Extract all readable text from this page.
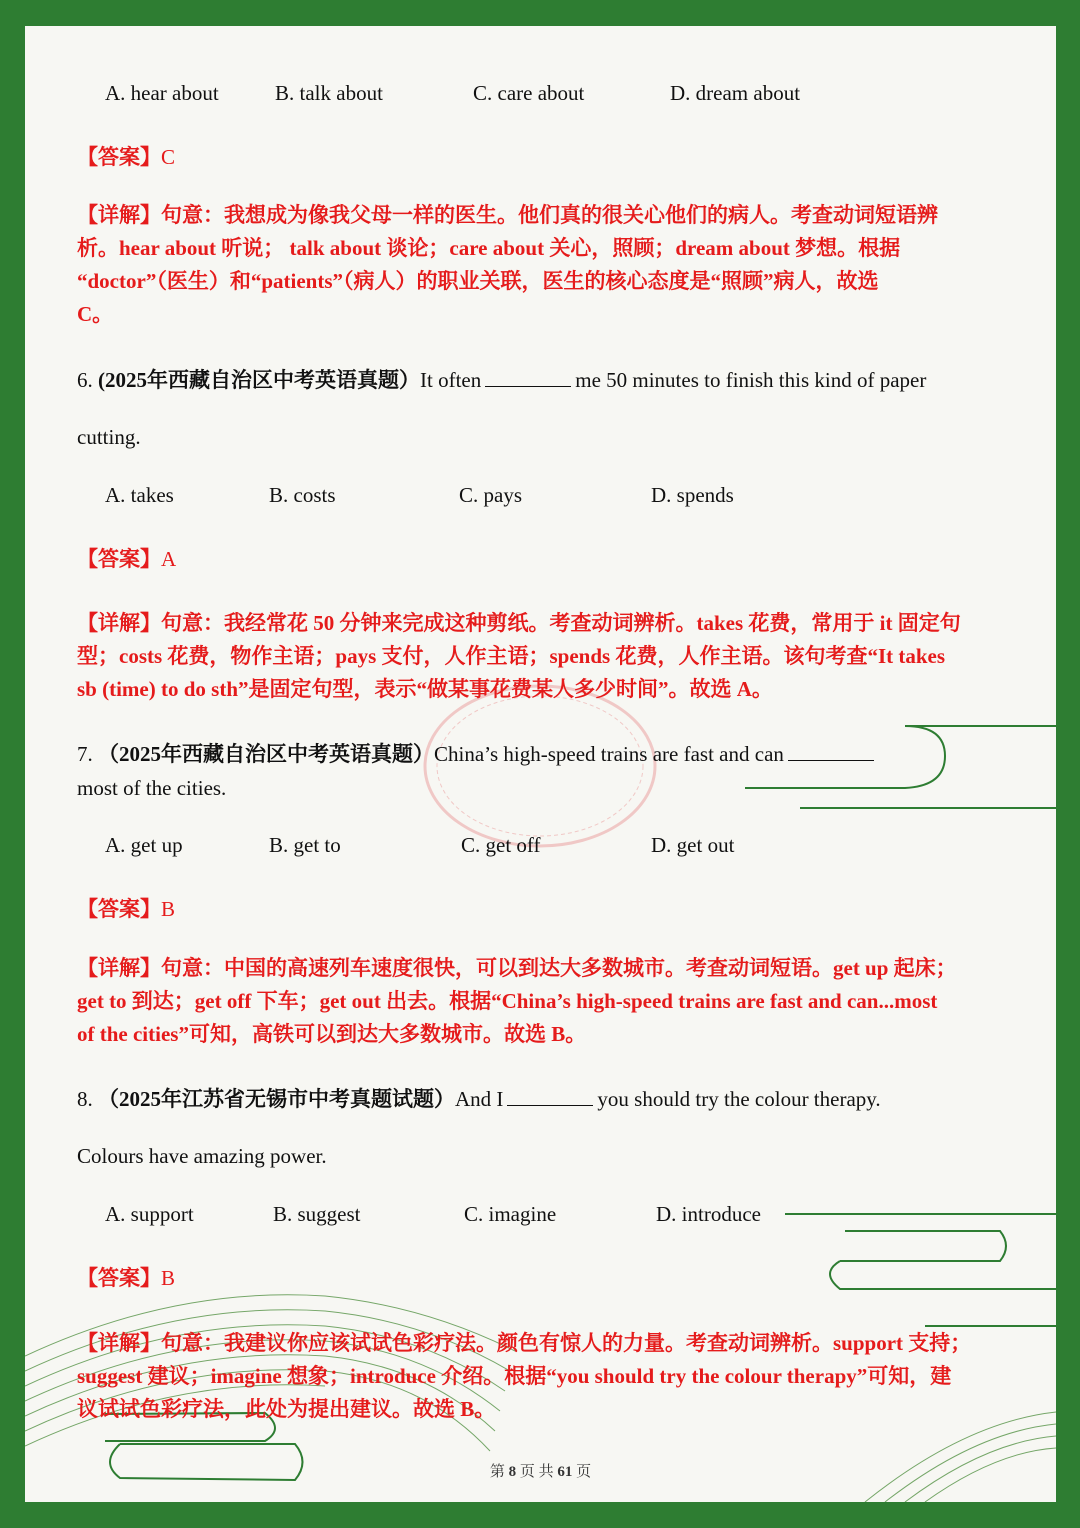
A. hear about	B. talk about	C. care about	D. dream about
【答案】C
【详解】句意：我想成为像我父母一样的医生。他们真的很关心他们的病人。考查动词短语辨
析。hear about 听说； talk about 谈论；care about 关心，照顾；dream about 梦想。根据
“doctor”（医生）和“patients”（病人）的职业关联，医生的核心态度是“照顾”病人，故选
C。
6. (2025年西藏自治区中考英语真题）It often	me 50 minutes to finish this kind of paper
cutting.
A. takes	B. costs	C. pays	D. spends
【答案】A
【详解】句意：我经常花 50 分钟来完成这种剪纸。考查动词辨析。takes 花费，常用于 it 固定句
型；costs 花费，物作主语；pays 支付，人作主语；spends 花费，人作主语。该句考查“It takes
sb (time) to do sth”是固定句型，表示“做某事花费某人多少时间”。故选 A。
7. （2025年西藏自治区中考英语真题）China’s high-speed trains are fast and can
most of the cities.
A. get up	B. get to	C. get off	D. get out
【答案】B
【详解】句意：中国的高速列车速度很快，可以到达大多数城市。考查动词短语。get up 起床；
get to 到达；get off 下车；get out 出去。根据“China’s high-speed trains are fast and can...most
of the cities”可知，高铁可以到达大多数城市。故选 B。
8. （2025年江苏省无锡市中考真题试题）And I	you should try the colour therapy.
Colours have amazing power.
A. support	B. suggest	C. imagine	D. introduce
【答案】B
【详解】句意：我建议你应该试试色彩疗法。颜色有惊人的力量。考查动词辨析。support 支持；
suggest 建议；imagine 想象；introduce 介绍。根据“you should try the colour therapy”可知，建
议试试色彩疗法，此处为提出建议。故选 B。
第 8 页 共 61 页
